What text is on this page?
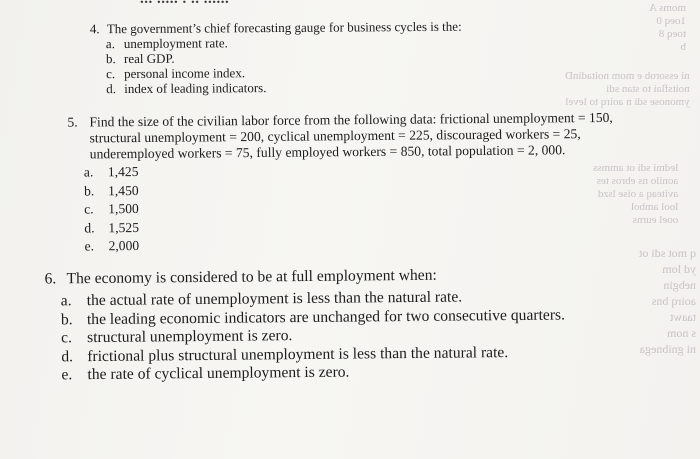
moms A
1oeq 0
toeq 8
b
ni essorob e mom noitadinD
noitsflai to stan sdi
ymonose sdi n aoirq to level
ledmi sdi ot ammss
aonilo ns ebros tes
aviteaq a oise lszd
lool ambol
ooel eurns
q mot sdi ot
yd lom
nebgin
aoirq bns
taawt
s nom
ni gnibnega
4. The government’s chief forecasting gauge for business cycles is the:
a. unemployment rate.
b. real GDP.
c. personal income index.
d. index of leading indicators.
5. Find the size of the civilian labor force from the following data: frictional unemployment = 150,
structural unemployment = 200, cyclical unemployment = 225, discouraged workers = 25,
underemployed workers = 75, fully employed workers = 850, total population = 2, 000.
a.	1,425
b.	1,450
c.	1,500
d.	1,525
e.	2,000
6. The economy is considered to be at full employment when:
a. the actual rate of unemployment is less than the natural rate.
b. the leading economic indicators are unchanged for two consecutive quarters.
c. structural unemployment is zero.
d. frictional plus structural unemployment is less than the natural rate.
e. the rate of cyclical unemployment is zero.
